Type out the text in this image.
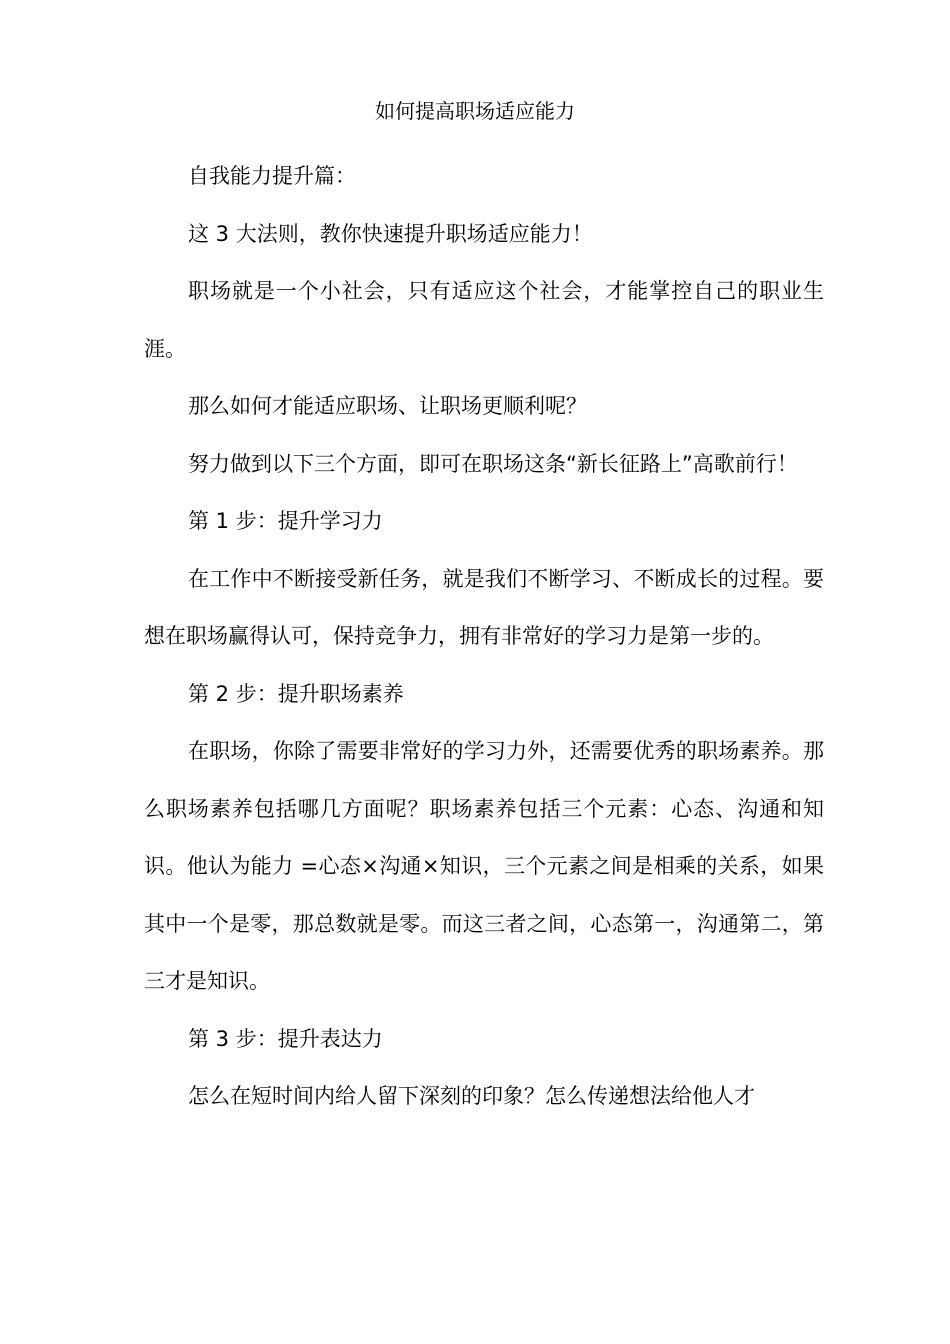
如何提高职场适应能力

自我能力提升篇：

这 3 大法则，教你快速提升职场适应能力！

职场就是一个小社会，只有适应这个社会，才能掌控自己的职业生涯。

那么如何才能适应职场、让职场更顺利呢？

努力做到以下三个方面，即可在职场这条“新长征路上”高歌前行！

第 1 步：提升学习力

在工作中不断接受新任务，就是我们不断学习、不断成长的过程。要想在职场赢得认可，保持竞争力，拥有非常好的学习力是第一步的。

第 2 步：提升职场素养

在职场，你除了需要非常好的学习力外，还需要优秀的职场素养。那么职场素养包括哪几方面呢？职场素养包括三个元素：心态、沟通和知识。他认为能力 =心态×沟通×知识，三个元素之间是相乘的关系，如果其中一个是零，那总数就是零。而这三者之间，心态第一，沟通第二，第三才是知识。

第 3 步：提升表达力

怎么在短时间内给人留下深刻的印象？怎么传递想法给他人才
